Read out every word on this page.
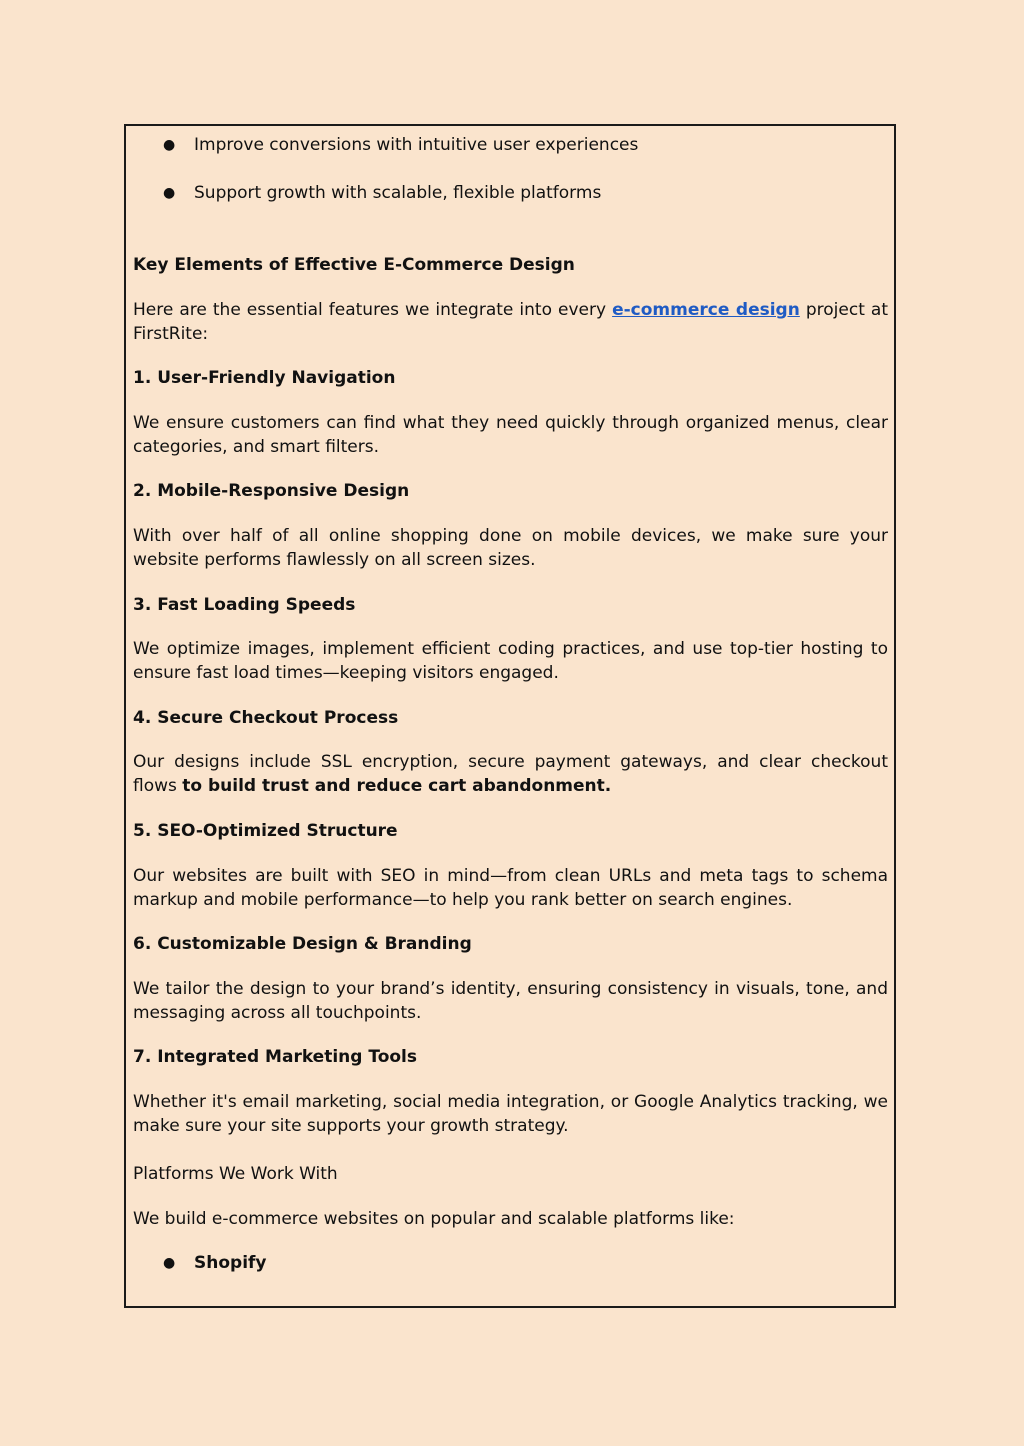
● Improve conversions with intuitive user experiences
● Support growth with scalable, flexible platforms

Key Elements of Effective E-Commerce Design

Here are the essential features we integrate into every e-commerce design project at FirstRite:

1. User-Friendly Navigation

We ensure customers can find what they need quickly through organized menus, clear categories, and smart filters.

2. Mobile-Responsive Design

With over half of all online shopping done on mobile devices, we make sure your website performs flawlessly on all screen sizes.

3. Fast Loading Speeds

We optimize images, implement efficient coding practices, and use top-tier hosting to ensure fast load times—keeping visitors engaged.

4. Secure Checkout Process

Our designs include SSL encryption, secure payment gateways, and clear checkout flows to build trust and reduce cart abandonment.

5. SEO-Optimized Structure

Our websites are built with SEO in mind—from clean URLs and meta tags to schema markup and mobile performance—to help you rank better on search engines.

6. Customizable Design & Branding

We tailor the design to your brand’s identity, ensuring consistency in visuals, tone, and messaging across all touchpoints.

7. Integrated Marketing Tools

Whether it's email marketing, social media integration, or Google Analytics tracking, we make sure your site supports your growth strategy.

Platforms We Work With

We build e-commerce websites on popular and scalable platforms like:

● Shopify
